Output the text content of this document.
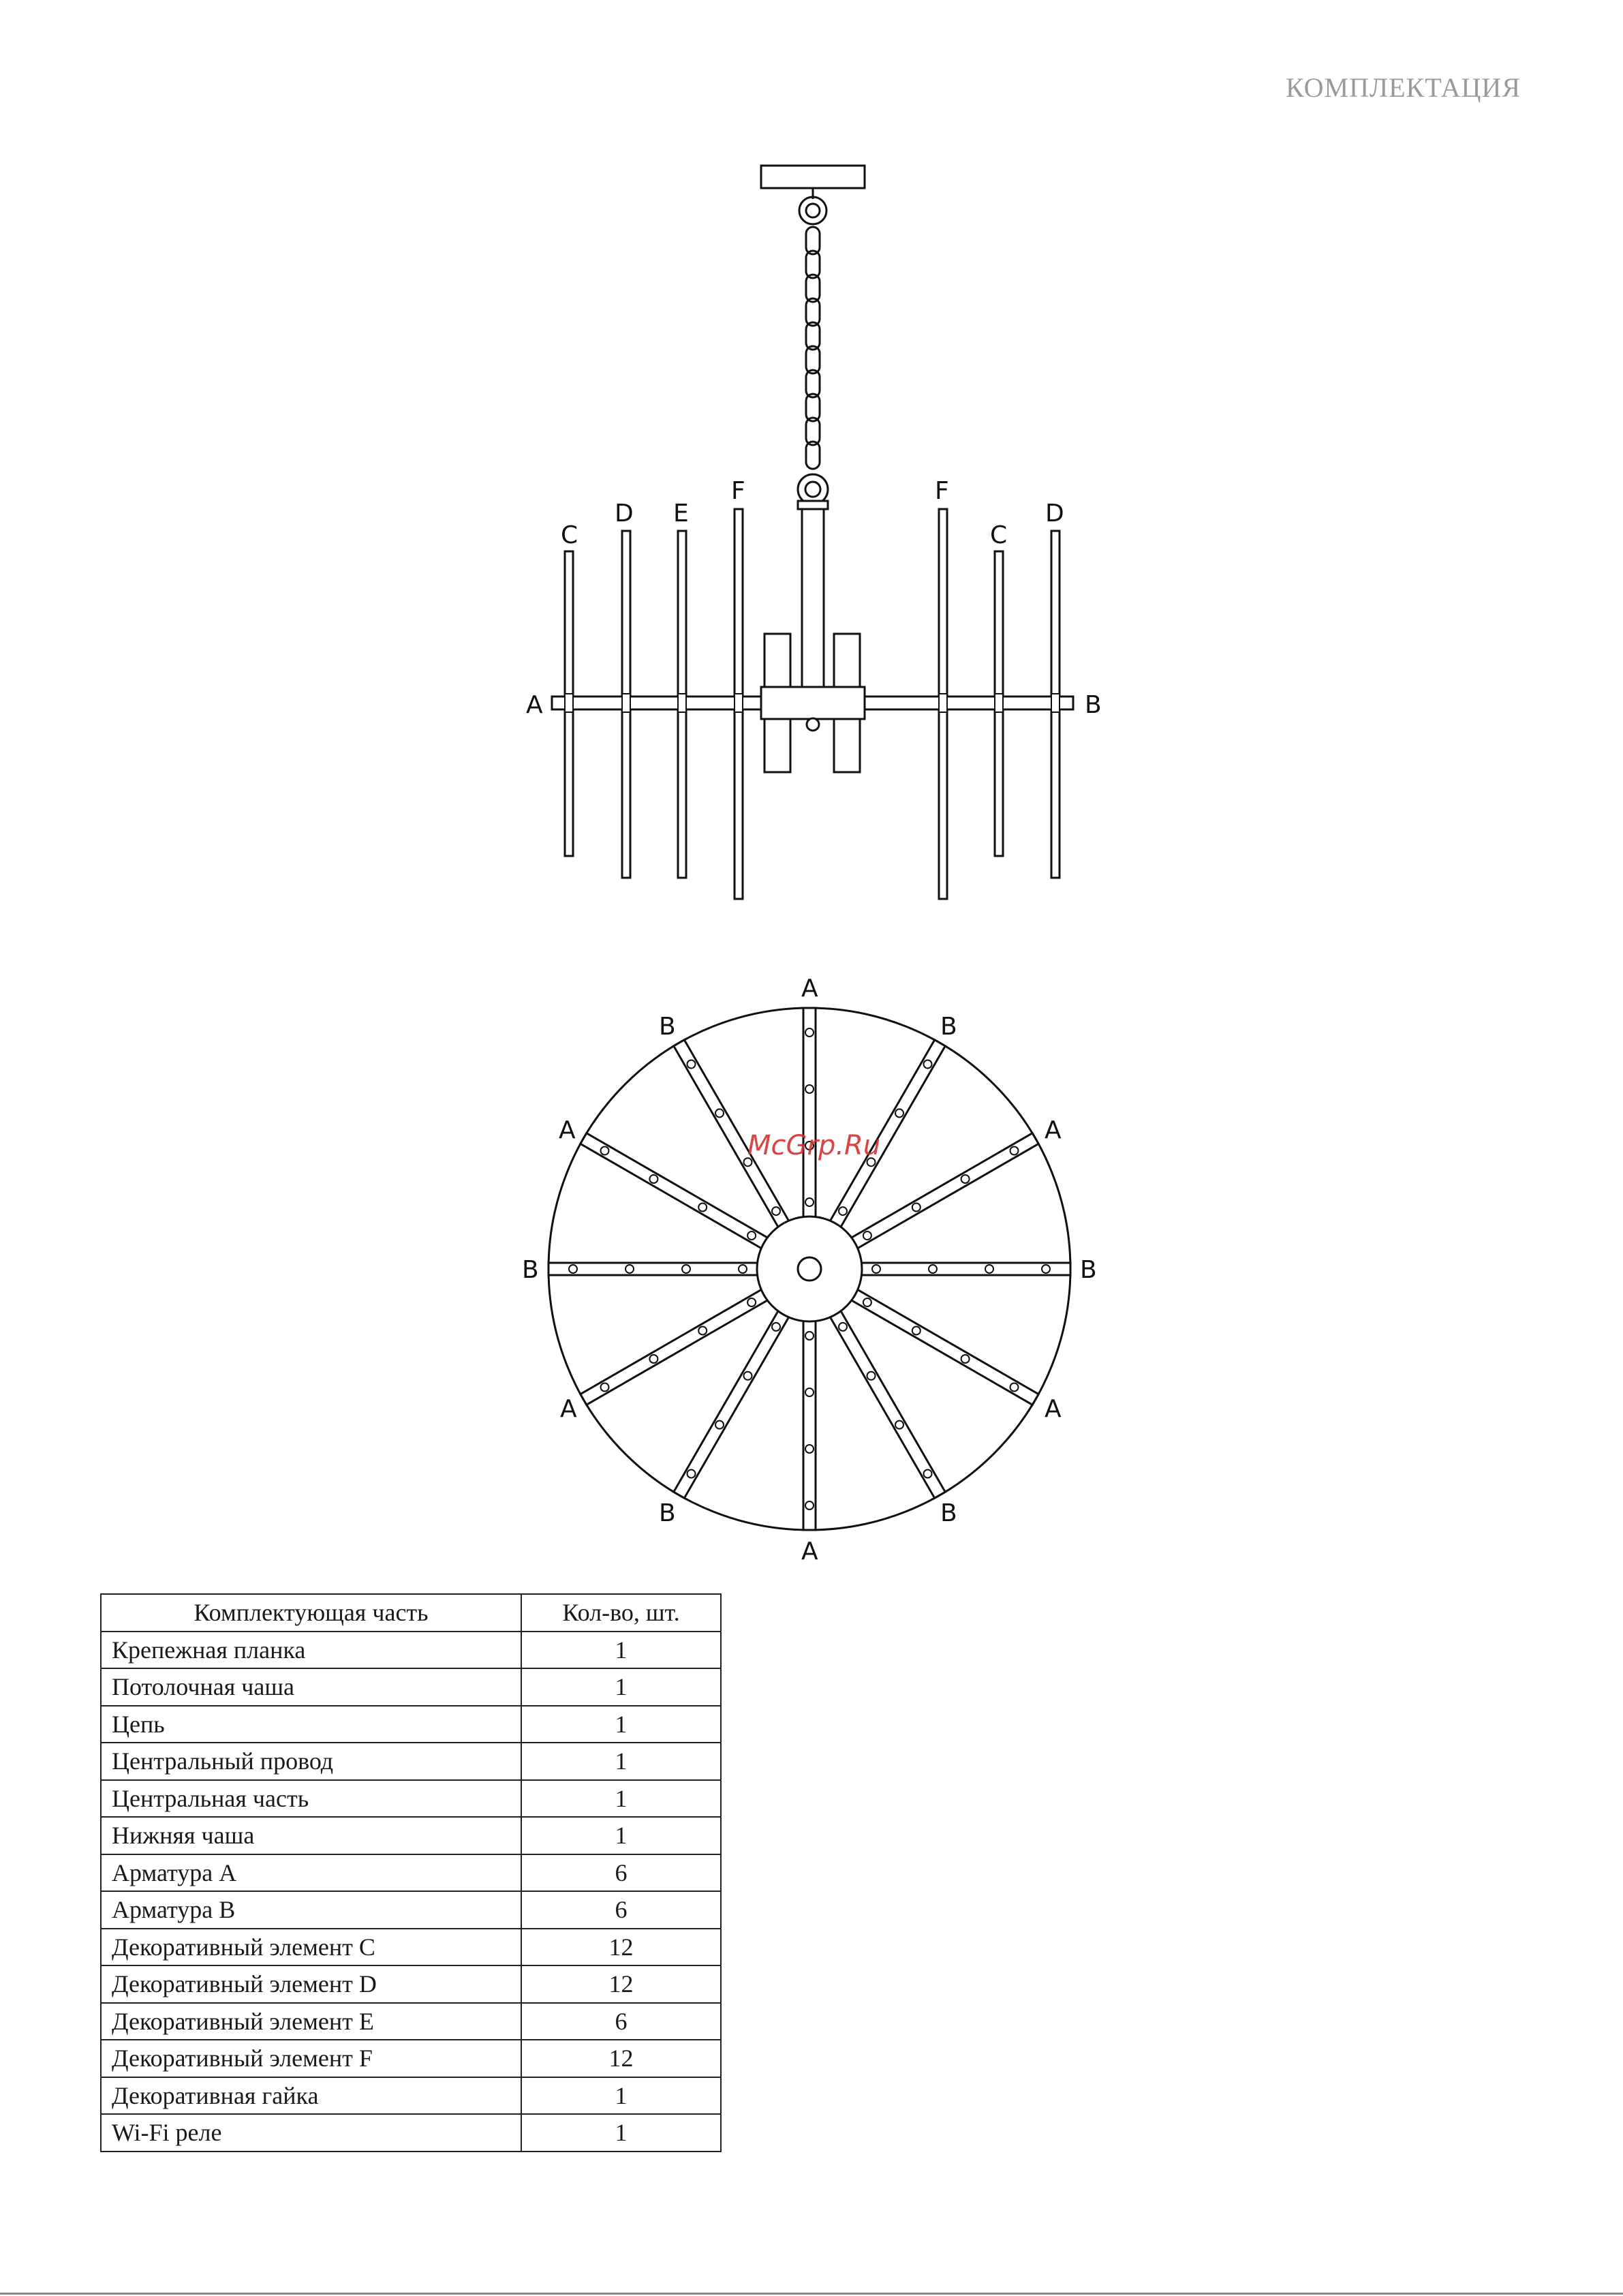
КОМПЛЕКТАЦИЯ
C
D E
F	F
C
D
A	B
A
B	B
A	A
B	B
A	A
B	B
A
McGrp.Ru
Комплектующая часть	Кол-во, шт.
Крепежная планка	1
Потолочная чаша	1
Цепь	1
Центральный провод	1
Центральная часть	1
Нижняя чаша	1
Арматура A	6
Арматура B	6
Декоративный элемент C	12
Декоративный элемент D	12
Декоративный элемент E	6
Декоративный элемент F	12
Декоративная гайка	1
Wi-Fi реле	1
